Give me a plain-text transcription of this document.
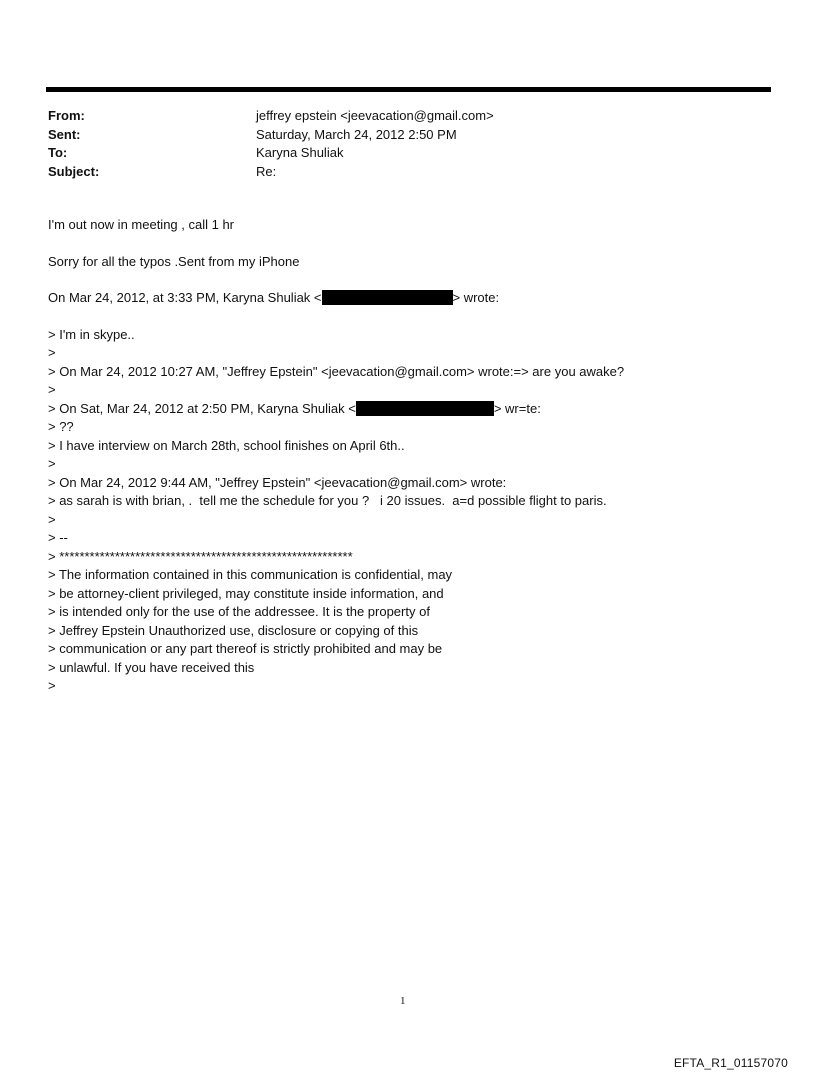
From:	jeffrey epstein <jeevacation@gmail.com>
Sent:	Saturday, March 24, 2012 2:50 PM
To:	Karyna Shuliak
Subject:	Re:
I'm out now in meeting , call 1 hr
Sorry for all the typos .Sent from my iPhone
On Mar 24, 2012, at 3:33 PM, Karyna Shuliak <	> wrote:
> I'm in skype..
>
> On Mar 24, 2012 10:27 AM, "Jeffrey Epstein" <jeevacation@gmail.com> wrote:=> are you awake?
>
> On Sat, Mar 24, 2012 at 2:50 PM, Karyna Shuliak <	> wr=te:
> ??
> I have interview on March 28th, school finishes on April 6th..
>
> On Mar 24, 2012 9:44 AM, "Jeffrey Epstein" <jeevacation@gmail.com> wrote:
> as sarah is with brian, .  tell me the schedule for you ?   i 20 issues.  a=d possible flight to paris.
>
> --
> **********************************************************
> The information contained in this communication is confidential, may
> be attorney-client privileged, may constitute inside information, and
> is intended only for the use of the addressee. It is the property of
> Jeffrey Epstein Unauthorized use, disclosure or copying of this
> communication or any part thereof is strictly prohibited and may be
> unlawful. If you have received this
>
1
EFTA_R1_01157070
